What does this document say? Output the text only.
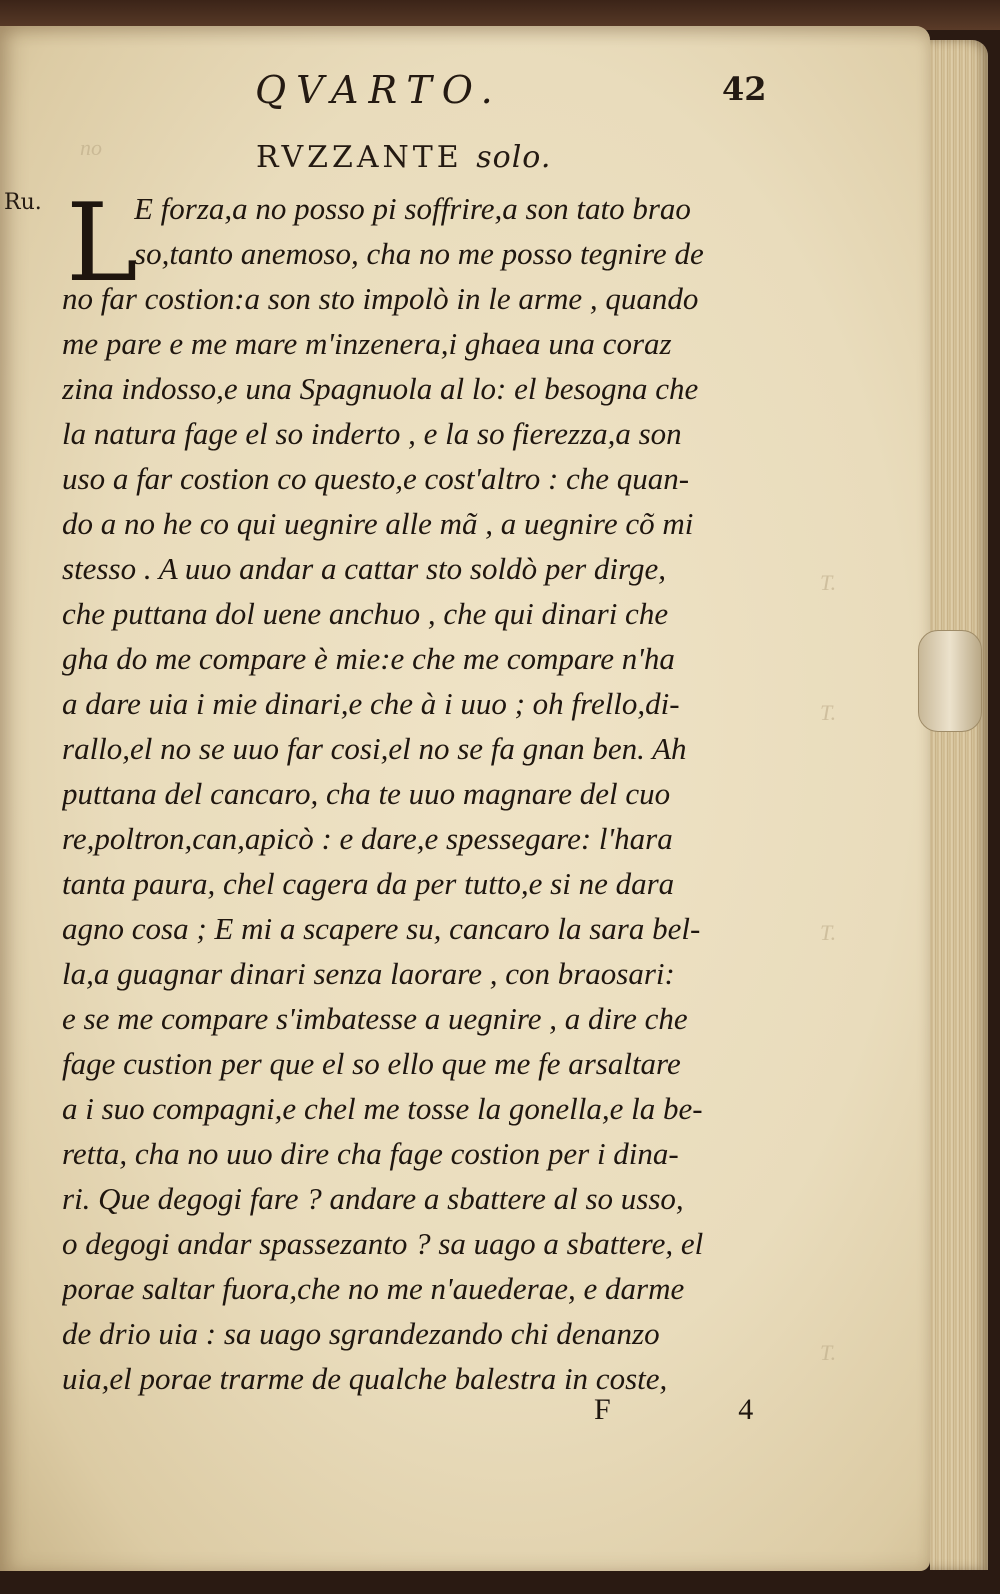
no
T.
T.
T.
T.
QVARTO.	42
RVZZANTE solo.
Ru. L
E forza,a no posso pi soffrire,a son tato brao
so,tanto anemoso, cha no me posso tegnire de
no far costion:a son sto impolò in le arme , quando
me pare e me mare m'inzenera,i ghaea una corаz
zina indosso,e una Spagnuola al lo: el besogna che
la natura fage el so inderto , e la so fierezza,a son
uso a far costion co questo,e cost'altro : che quan-
do a no he co qui uegnire alle mã , a uegnire cõ mi
stesso . A uuo andar a cattar sto soldò per dirge,
che puttana dol uene anchuo , che qui dinari che
gha do me compare è mie:e che me compare n'ha
a dare uia i mie dinari,e che à i uuo ; oh frello,di-
rallo,el no se uuo far cosi,el no se fa gnan ben. Ah
puttana del cancaro, cha te uuo magnare del cuo
re,poltron,can,apicò : e dare,e spessegare: l'hara
tanta paura, chel cagera da per tutto,e si ne dara
agno cosa ; E mi a scapere su, cancaro la sara bel-
la,a guagnar dinari senza laorare , con braosari:
e se me compare s'imbatesse a uegnire , a dire che
fage custion per que el so ello que me fe arsaltare
a i suo compagni,e chel me tosse la gonella,e la be-
retta, cha no uuo dire cha fage costion per i dina-
ri. Que degogi fare ? andare a sbattere al so usso,
o degogi andar spassezanto ? sa uago a sbattere, el
porae saltar fuora,che no me n'auederae, e darme
de drio uia : sa uago sgrandezando chi denanzo
uia,el porae trarme de qualche balestra in coste,
F	4
